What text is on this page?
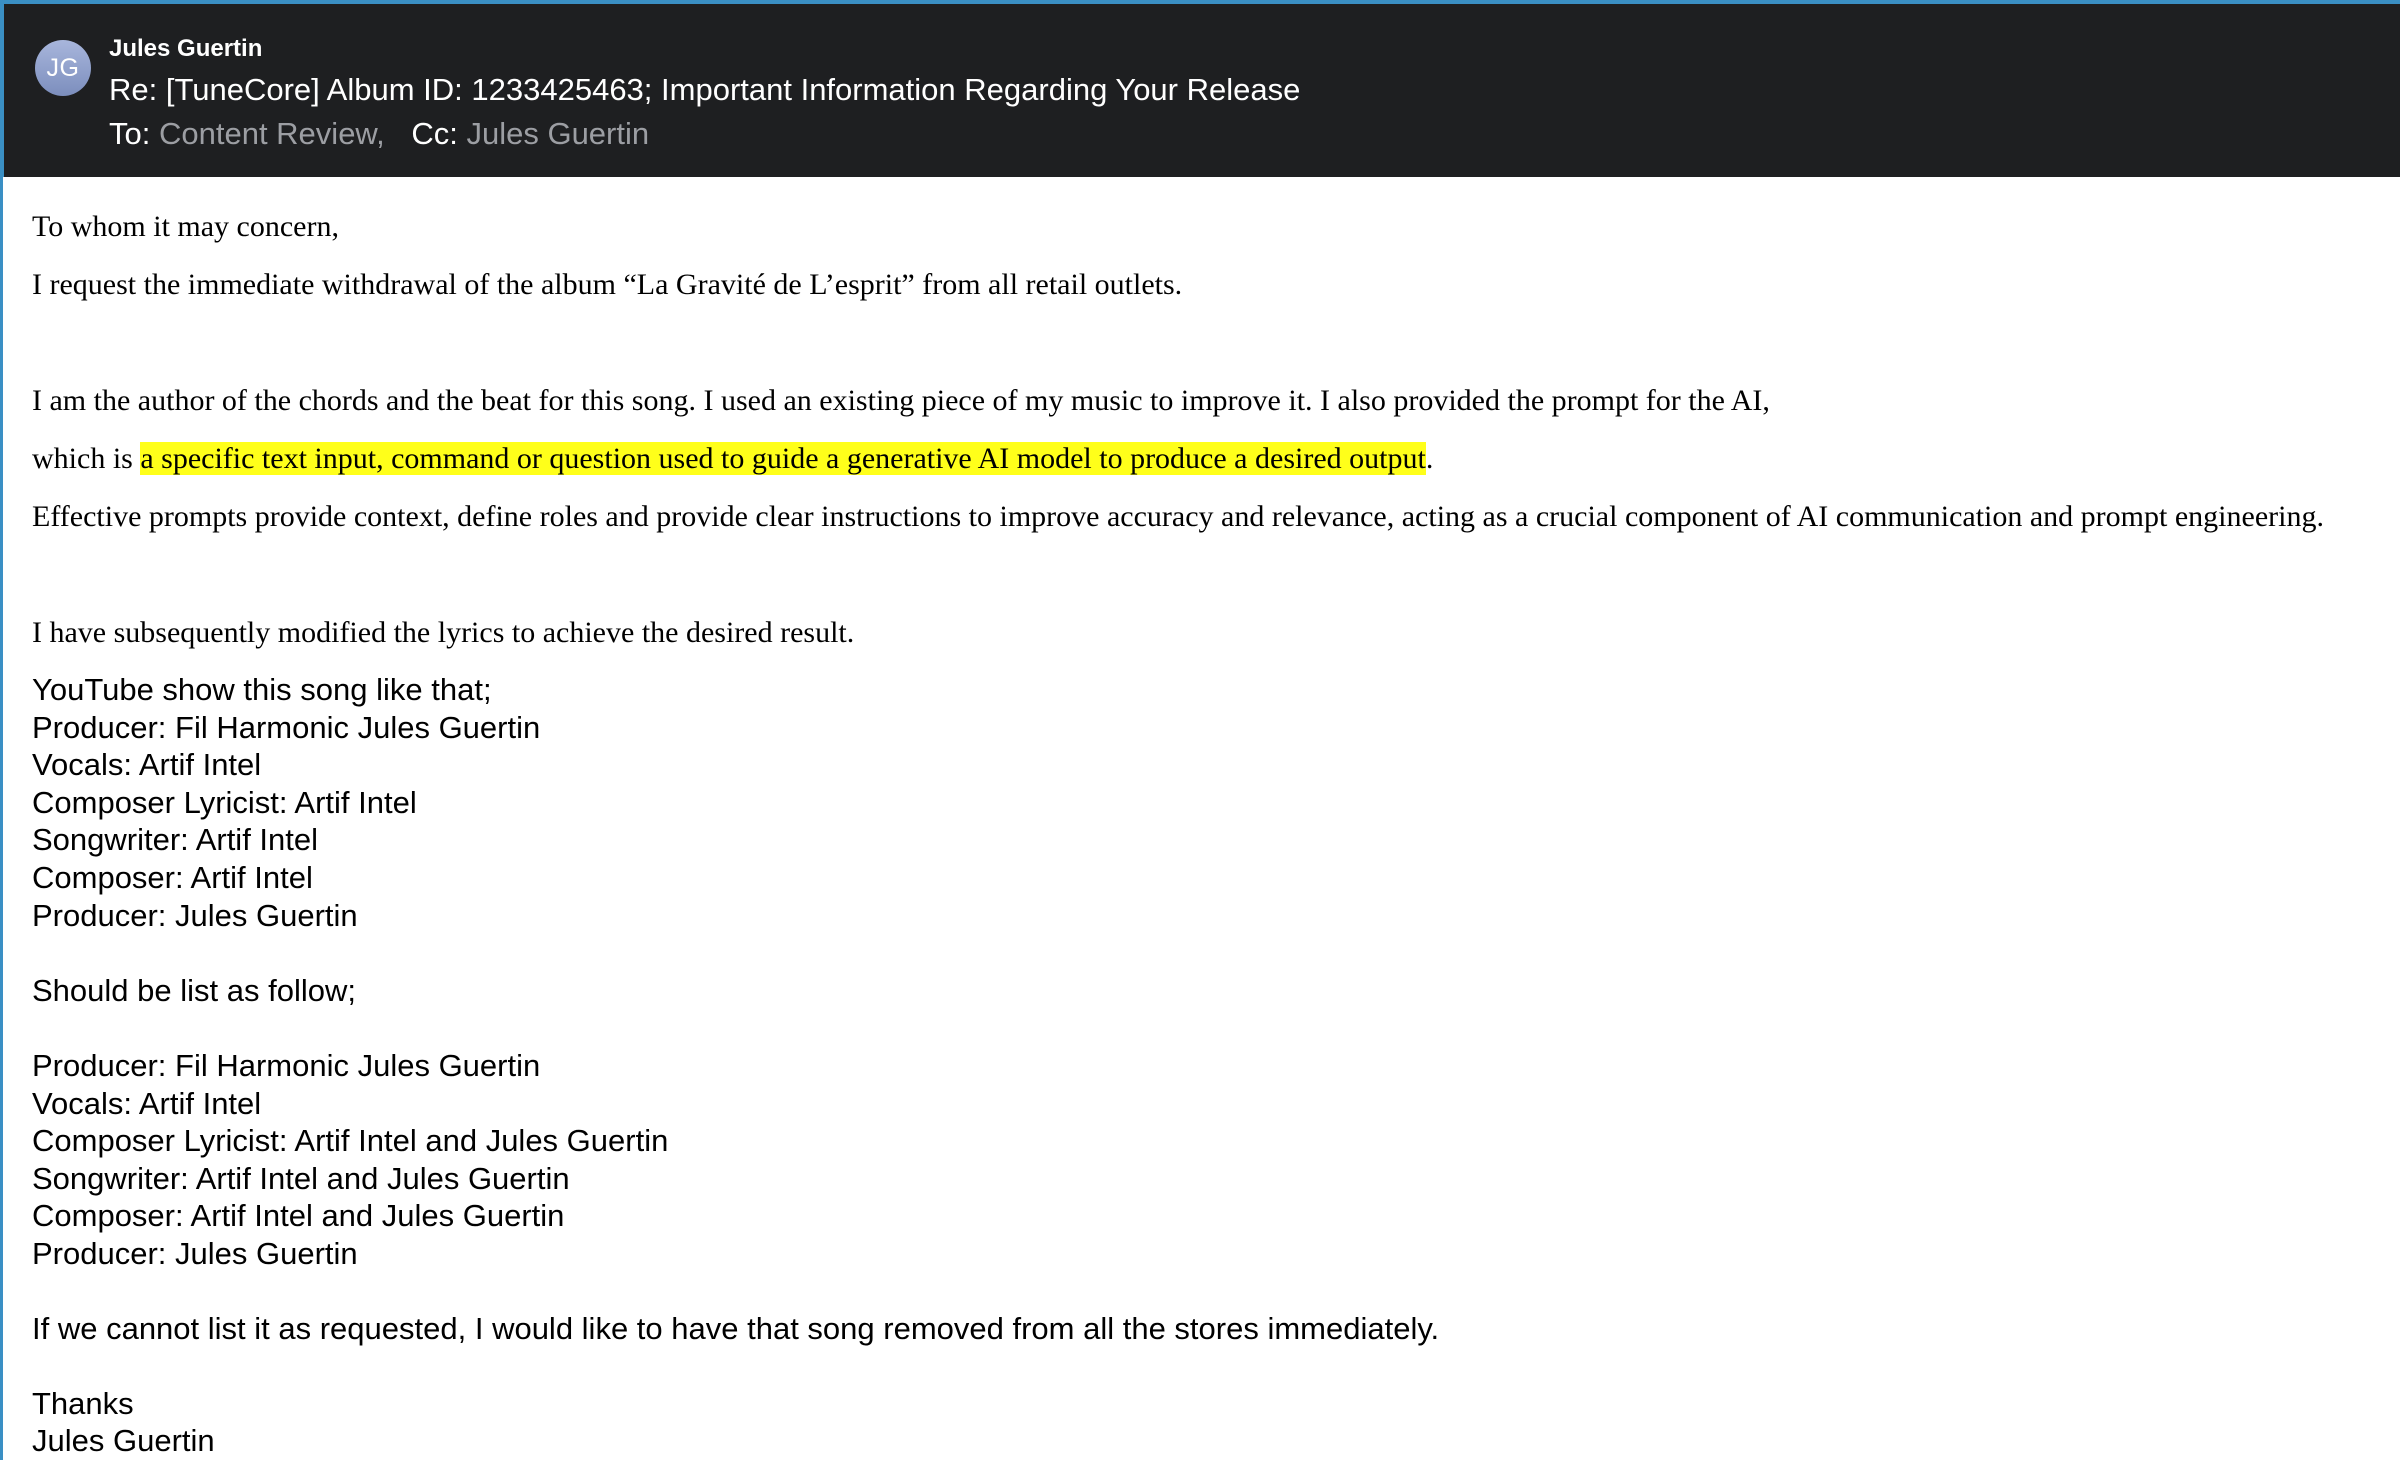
JG
Jules Guertin
Re: [TuneCore] Album ID: 1233425463; Important Information Regarding Your Release
To: Content Review, Cc: Jules Guertin
To whom it may concern,
I request the immediate withdrawal of the album “La Gravité de L’esprit” from all retail outlets.
I am the author of the chords and the beat for this song. I used an existing piece of my music to improve it. I also provided the prompt for the AI,
which is a specific text input, command or question used to guide a generative AI model to produce a desired output.
Effective prompts provide context, define roles and provide clear instructions to improve accuracy and relevance, acting as a crucial component of AI communication and prompt engineering.
I have subsequently modified the lyrics to achieve the desired result.
YouTube show this song like that;
Producer: Fil Harmonic Jules Guertin
Vocals: Artif Intel
Composer Lyricist: Artif Intel
Songwriter: Artif Intel
Composer: Artif Intel
Producer: Jules Guertin
Should be list as follow;
Producer: Fil Harmonic Jules Guertin
Vocals: Artif Intel
Composer Lyricist: Artif Intel and Jules Guertin
Songwriter: Artif Intel and Jules Guertin
Composer: Artif Intel and Jules Guertin
Producer: Jules Guertin
If we cannot list it as requested, I would like to have that song removed from all the stores immediately.
Thanks
Jules Guertin
